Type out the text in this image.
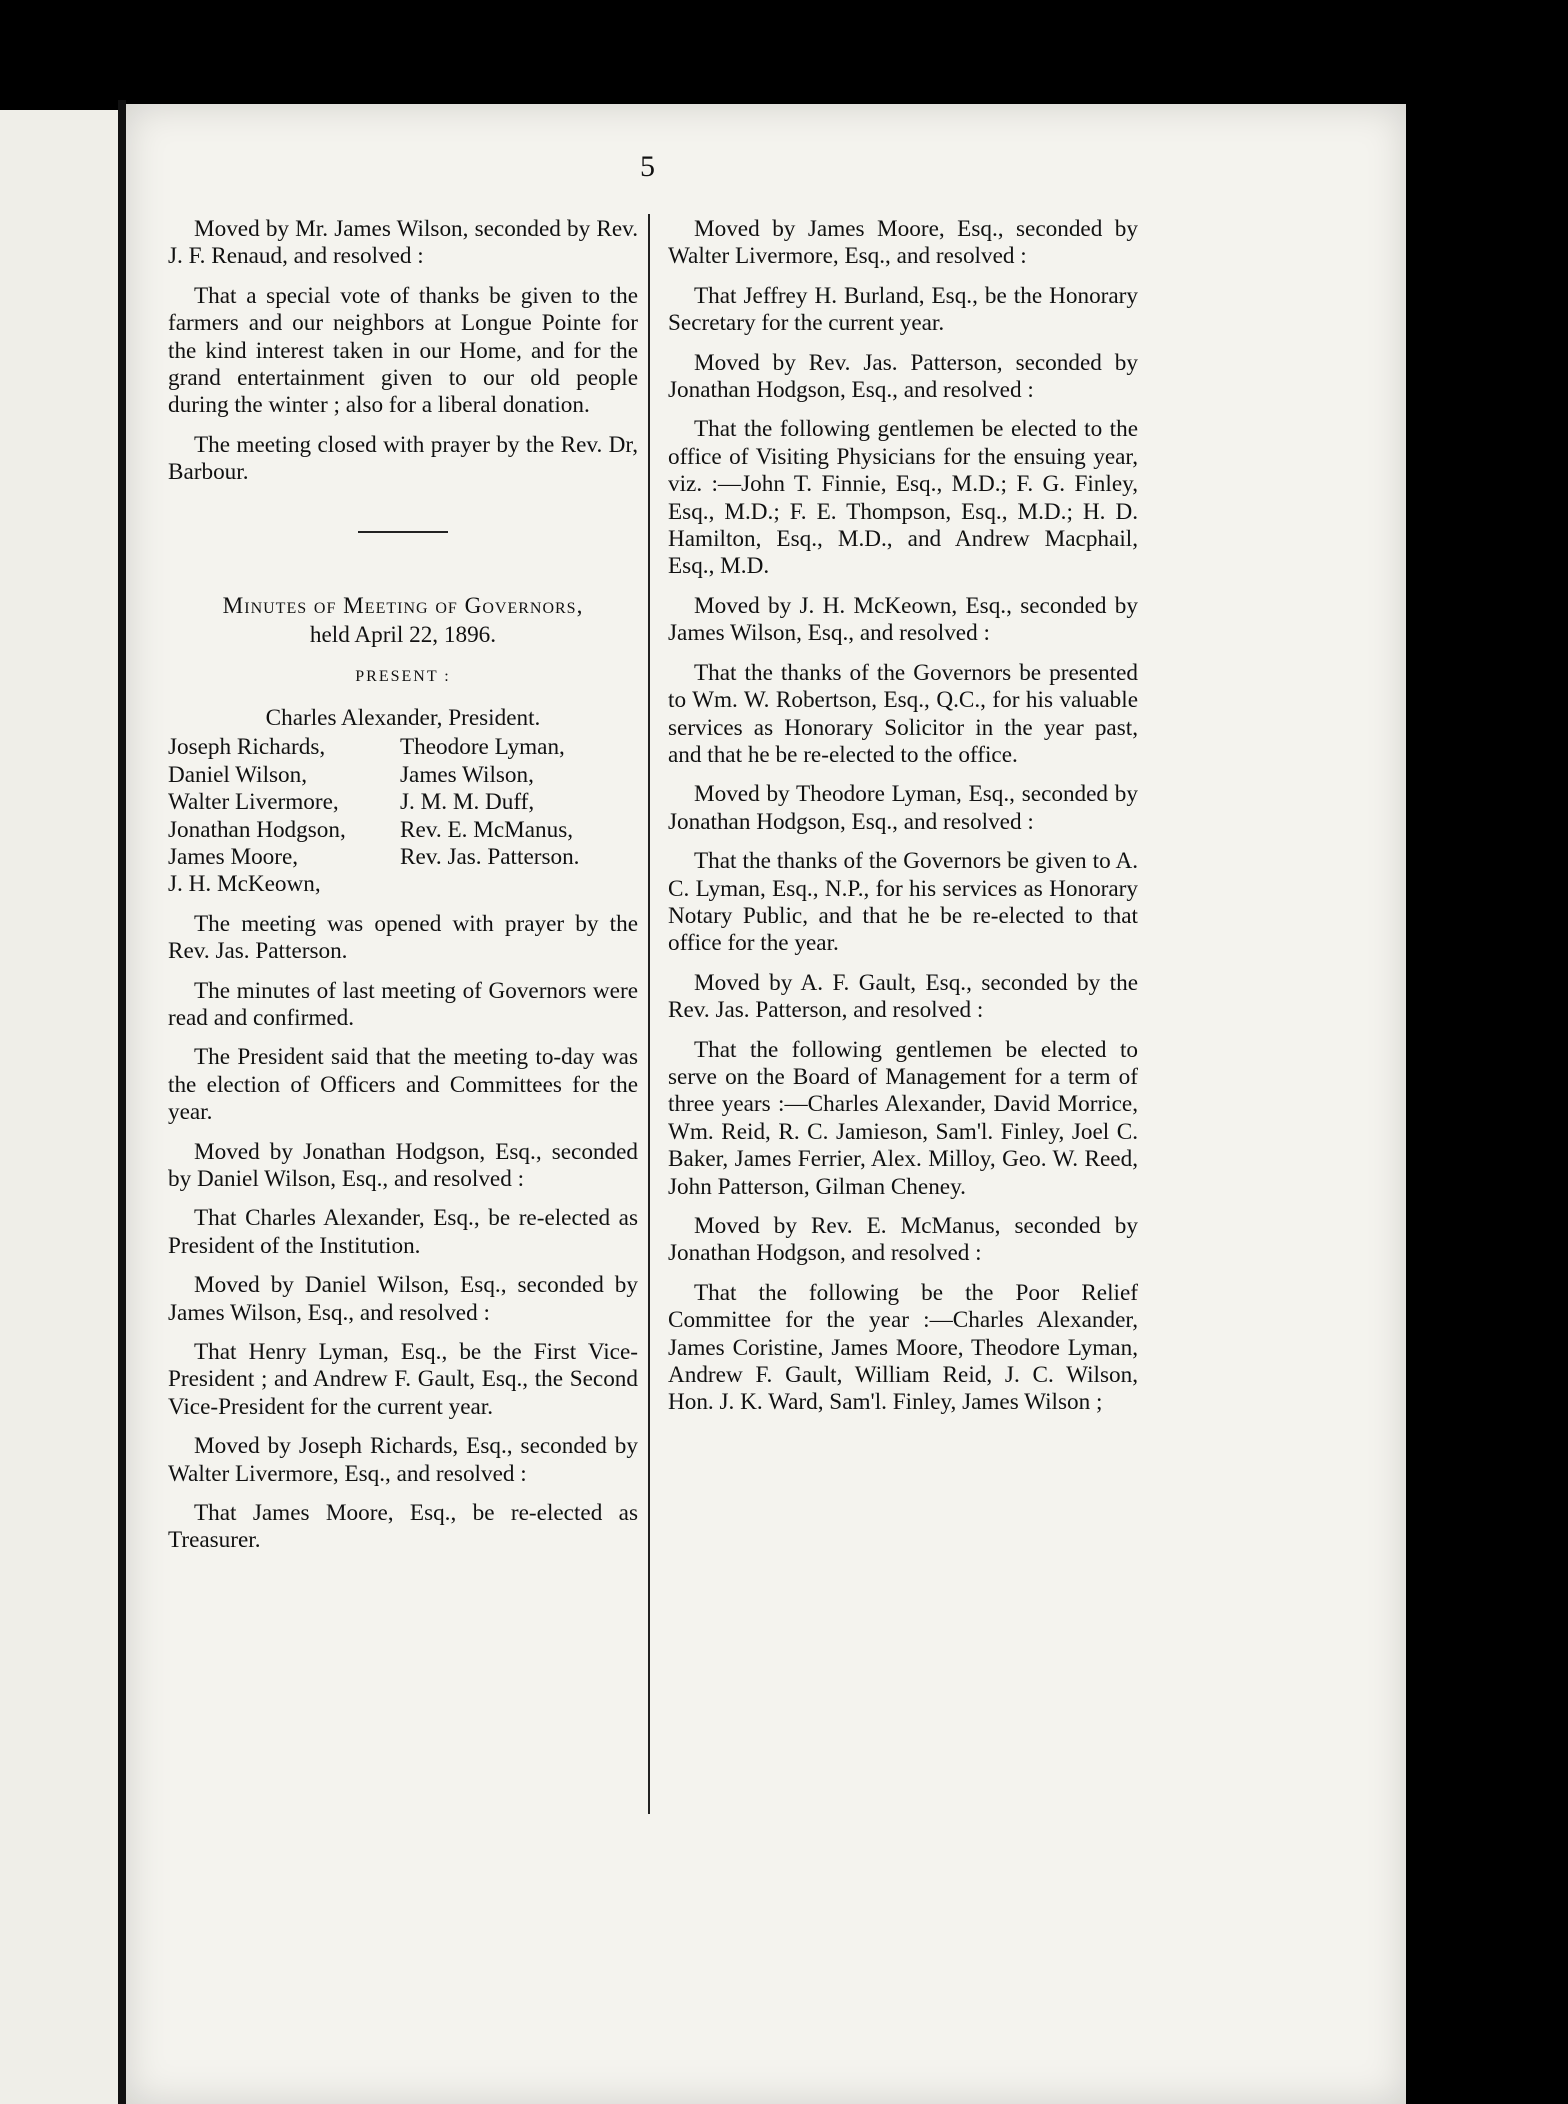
5

Moved by Mr. James Wilson, seconded by Rev. J. F. Renaud, and resolved :

That a special vote of thanks be given to the farmers and our neighbors at Longue Pointe for the kind interest taken in our Home, and for the grand entertainment given to our old people during the winter ; also for a liberal donation.

The meeting closed with prayer by the Rev. Dr, Barbour.

Minutes of Meeting of Governors,

held April 22, 1896.

PRESENT :

Charles Alexander, President.

Joseph Richards,	Theodore Lyman,
Daniel Wilson,	James Wilson,
Walter Livermore,	J. M. M. Duff,
Jonathan Hodgson,	Rev. E. McManus,
James Moore,	Rev. Jas. Patterson.
J. H. McKeown,

The meeting was opened with prayer by the Rev. Jas. Patterson.

The minutes of last meeting of Governors were read and confirmed.

The President said that the meeting to-day was the election of Officers and Committees for the year.

Moved by Jonathan Hodgson, Esq., seconded by Daniel Wilson, Esq., and resolved :

That Charles Alexander, Esq., be re-elected as President of the Institution.

Moved by Daniel Wilson, Esq., seconded by James Wilson, Esq., and resolved :

That Henry Lyman, Esq., be the First Vice-President ; and Andrew F. Gault, Esq., the Second Vice-President for the current year.

Moved by Joseph Richards, Esq., seconded by Walter Livermore, Esq., and resolved :

That James Moore, Esq., be re-elected as Treasurer.

Moved by James Moore, Esq., seconded by Walter Livermore, Esq., and resolved :

That Jeffrey H. Burland, Esq., be the Honorary Secretary for the current year.

Moved by Rev. Jas. Patterson, seconded by Jonathan Hodgson, Esq., and resolved :

That the following gentlemen be elected to the office of Visiting Physicians for the ensuing year, viz. :—John T. Finnie, Esq., M.D.; F. G. Finley, Esq., M.D.; F. E. Thompson, Esq., M.D.; H. D. Hamilton, Esq., M.D., and Andrew Macphail, Esq., M.D.

Moved by J. H. McKeown, Esq., seconded by James Wilson, Esq., and resolved :

That the thanks of the Governors be presented to Wm. W. Robertson, Esq., Q.C., for his valuable services as Honorary Solicitor in the year past, and that he be re-elected to the office.

Moved by Theodore Lyman, Esq., seconded by Jonathan Hodgson, Esq., and resolved :

That the thanks of the Governors be given to A. C. Lyman, Esq., N.P., for his services as Honorary Notary Public, and that he be re-elected to that office for the year.

Moved by A. F. Gault, Esq., seconded by the Rev. Jas. Patterson, and resolved :

That the following gentlemen be elected to serve on the Board of Management for a term of three years :—Charles Alexander, David Morrice, Wm. Reid, R. C. Jamieson, Sam'l. Finley, Joel C. Baker, James Ferrier, Alex. Milloy, Geo. W. Reed, John Patterson, Gilman Cheney.

Moved by Rev. E. McManus, seconded by Jonathan Hodgson, and resolved :

That the following be the Poor Relief Committee for the year :—Charles Alexander, James Coristine, James Moore, Theodore Lyman, Andrew F. Gault, William Reid, J. C. Wilson, Hon. J. K. Ward, Sam'l. Finley, James Wilson ;
